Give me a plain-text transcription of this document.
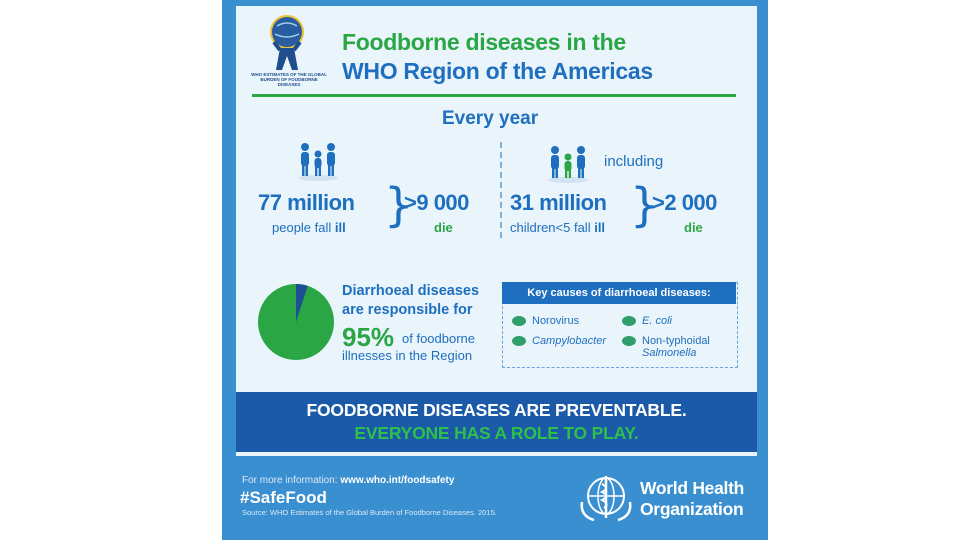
WHO ESTIMATES OF THE GLOBAL BURDEN OF FOODBORNE DISEASES
Foodborne diseases in the
WHO Region of the Americas
Every year
77 million
people fall ill }
>9 000
die
including
31 million
children<5 fall ill }
>2 000
die
Diarrhoeal diseases
are responsible for
95% of foodborne
illnesses in the Region
Key causes of diarrhoeal diseases:
Norovirus	E. coli
Campylobacter	Non-typhoidal
Salmonella
FOODBORNE DISEASES ARE PREVENTABLE.
EVERYONE HAS A ROLE TO PLAY.
For more information: www.who.int/foodsafety
#SafeFood
Source: WHO Estimates of the Global Burden of Foodborne Diseases. 2015.
World Health
Organization
